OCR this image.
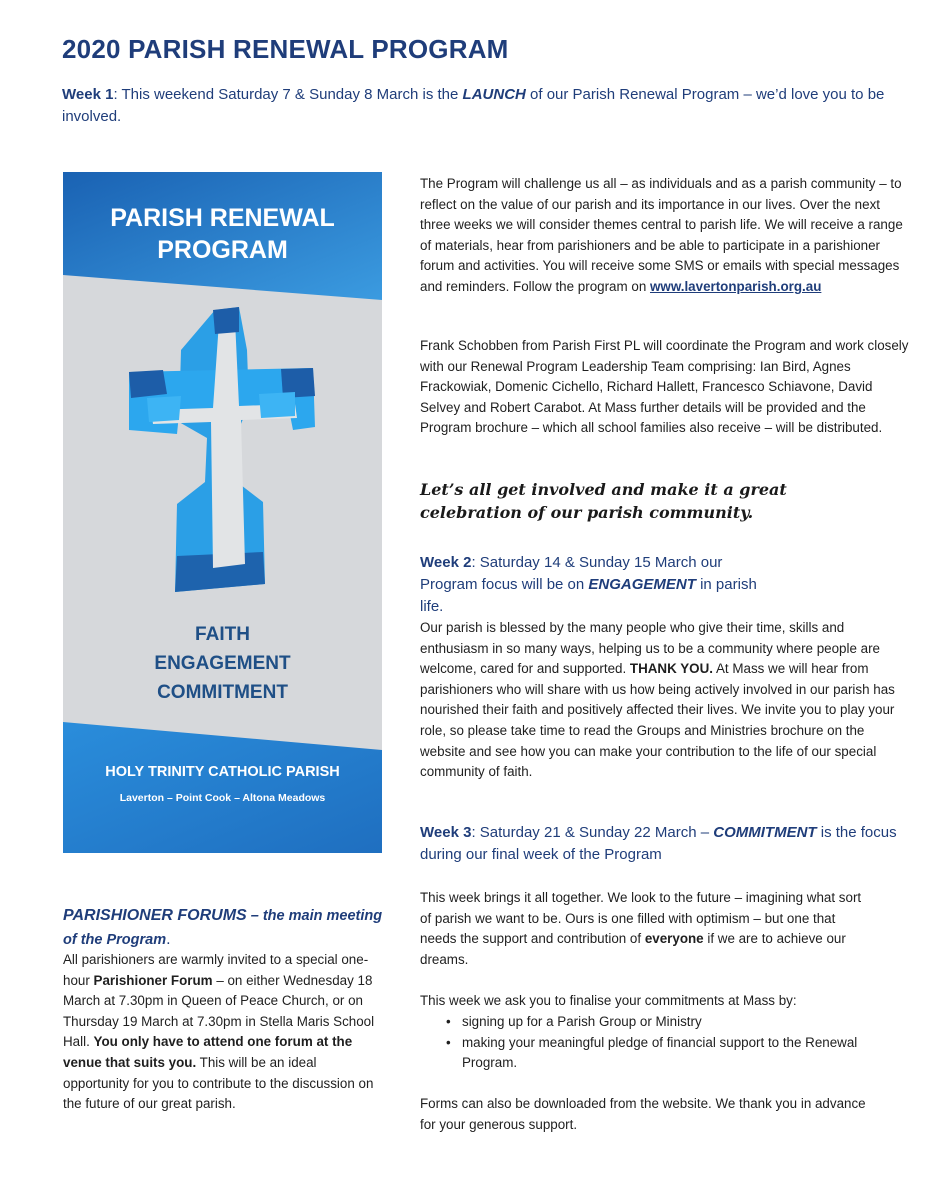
2020 PARISH RENEWAL PROGRAM
Week 1: This weekend Saturday 7 & Sunday 8 March is the LAUNCH of our Parish Renewal Program – we’d love you to be involved.
PARISH RENEWAL
PROGRAM
FAITH
ENGAGEMENT
COMMITMENT
HOLY TRINITY CATHOLIC PARISH
Laverton – Point Cook – Altona Meadows

The Program will challenge us all – as individuals and as a parish community – to reflect on the value of our parish and its importance in our lives. Over the next three weeks we will consider themes central to parish life. We will receive a range of materials, hear from parishioners and be able to participate in a parishioner forum and activities. You will receive some SMS or emails with special messages and reminders. Follow the program on www.lavertonparish.org.au

Frank Schobben from Parish First PL will coordinate the Program and work closely with our Renewal Program Leadership Team comprising: Ian Bird, Agnes Frackowiak, Domenic Cichello, Richard Hallett, Francesco Schiavone, David Selvey and Robert Carabot. At Mass further details will be provided and the Program brochure – which all school families also receive – will be distributed.

Let’s all get involved and make it a great
celebration of our parish community.
Week 2: Saturday 14 & Sunday 15 March our Program focus will be on ENGAGEMENT in parish life.

Our parish is blessed by the many people who give their time, skills and enthusiasm in so many ways, helping us to be a community where people are welcome, cared for and supported. THANK YOU. At Mass we will hear from parishioners who will share with us how being actively involved in our parish has nourished their faith and positively affected their lives. We invite you to play your role, so please take time to read the Groups and Ministries brochure on the website and see how you can make your contribution to the life of our special community of faith.

Week 3: Saturday 21 & Sunday 22 March – COMMITMENT is the focus during our final week of the Program

This week brings it all together. We look to the future – imagining what sort of parish we want to be. Ours is one filled with optimism – but one that needs the support and contribution of everyone if we are to achieve our dreams.

This week we ask you to finalise your commitments at Mass by:

• signing up for a Parish Group or Ministry
• making your meaningful pledge of financial support to the Renewal Program.

Forms can also be downloaded from the website. We thank you in advance for your generous support.

PARISHIONER FORUMS – the main meeting of the Program.

All parishioners are warmly invited to a special one-hour Parishioner Forum – on either Wednesday 18 March at 7.30pm in Queen of Peace Church, or on Thursday 19 March at 7.30pm in Stella Maris School Hall. You only have to attend one forum at the venue that suits you. This will be an ideal opportunity for you to contribute to the discussion on the future of our great parish.
